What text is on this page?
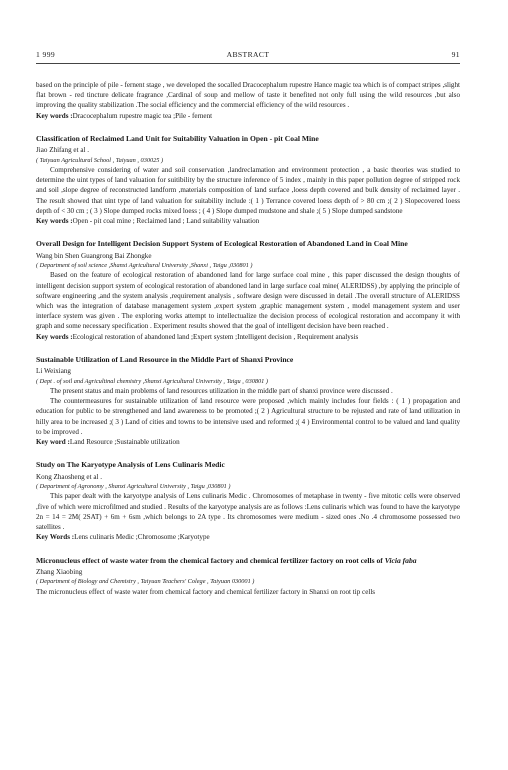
1 999	ABSTRACT	91

based on the principle of pile - fernent stage , we developed the socalled Dracocephalum rupestre Hance magic tea which is of compact stripes ,slight flat brown - red tincture delicate fragrance ,Cardinal of soup and mellow of taste it benefited not only full using the wild resources ,but also improving the quality stabilization .The social efficiency and the commercial efficiency of the wild resources .

Key words :Dracocephalum rupestre magic tea ;Pile - fernent

Classification of Reclaimed Land Unit for Suitability Valuation in Open - pit Coal Mine
Jiao Zhifang et al .
( Taiyuan Agricultural School , Taiyuan , 030025 )

Comprehensive considering of water and soil conservation ,landreclamation and environment protection , a basic theories was studied to determine the uint types of land valuation for suitibility by the structure inference of 5 index , mainly in this paper pollution degree of stripped rock and soil ,slope degree of reconstructed landform ,materials composition of land surface ,loess depth covered and bulk density of reclaimed layer . The result showed that uint type of land valuation for suitability include :( 1 ) Terrance covered loess depth of > 80 cm ;( 2 ) Slopecovered loess depth of < 30 cm ; ( 3 ) Slope dumped rocks mixed loess ; ( 4 ) Slope dumped mudstone and shale ;( 5 ) Slope dumped sandstone

Key words :Open - pit coal mine ; Reclaimed land ; Land suitability valuation

Overall Design for Intelligent Decision Support System of Ecological Restoration of Abandoned Land in Coal Mine
Wang bin Shen Guangrong Bai Zhongke
( Department of soil science ,Shanxi Agricultural University ,Shanxi , Taigu ,030801 )

Based on the feature of ecological restoration of abandoned land for large surface coal mine , this paper discussed the design thoughts of intelligent decision support system of ecological restoration of abandoned land in large surface coal mine( ALERIDSS) ,by applying the principle of software engineering ,and the system analysis ,requirement analysis , software design were discussed in detail .The overall structure of ALERIDSS which was the integration of database management system ,expert system ,graphic management system , model management system and user interface system was given . The exploring works attempt to intellectualize the decision process of ecological restoration and accompany it with graph and some necessary specification . Experiment results showed that the goal of intelligent decision have been reached .

Key words :Ecological restoration of abandoned land ;Expert system ;Intelligent decision , Requirement analysis

Sustainable Utilization of Land Resource in the Middle Part of Shanxi Province
Li Weixiang
( Dept . of soil and Agricultinal chemistry ,Shanxi Agricultural University , Taigu , 030801 )

The present status and main problems of land resources utilization in the middle part of shanxi province were discussed .

The countermeasures for sustainable utilization of land resource were proposed ,which mainly includes four fields : ( 1 ) propagation and education for public to be strengthened and land awareness to be promoted ;( 2 ) Agricultural structure to be rejusted and rate of land utilization in hilly area to be increased ;( 3 ) Land of cities and towns to be intensive used and reformed ;( 4 ) Environmental control to be valued and land quality to be improved .

Key word :Land Resource ;Sustainable utilization

Study on The Karyotype Analysis of Lens Culinaris Medic
Kong Zhaosheng et al .
( Department of Agronomy , Shanxi Agricultural University , Taigu ,030801 )

This paper dealt with the karyotype analysis of Lens culinaris Medic . Chromosomes of metaphase in twenty - five mitotic cells were observed ,five of which were microfilmed and studied . Results of the karyotype analysis are as follows :Lens culinaris which was found to have the karyotype 2n = 14 = 2M( 2SAT) + 6m + 6sm ,which belongs to 2A type . Its chromosomes were medium - sized ones .No .4 chromosome possessed two satellites .

Key Words :Lens culinaris Medic ;Chromosome ;Karyotype

Micronucleus effect of waste water from the chemical factory and chemical fertilizer factory on root cells of Vicia faba
Zhang Xiaobing
( Department of Biology and Chemistry , Taiyuan Teachers' Colege , Taiyuan 030001 )

The micronucleus effect of waste water from chemical factory and chemical fertilizer factory in Shanxi on root tip cells
